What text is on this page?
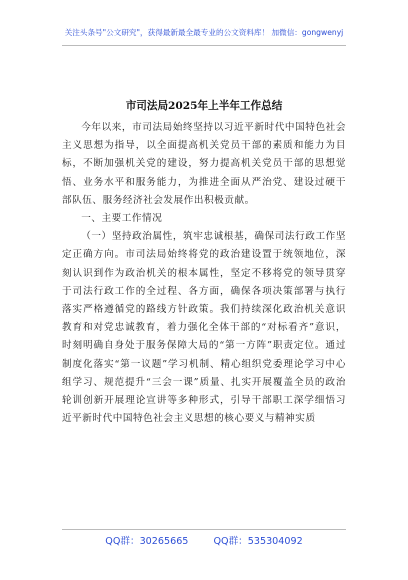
关注头条号"公文研究"，获得最新最全最专业的公文资料库！ 加微信：gongwenyj
市司法局2025年上半年工作总结

今年以来，市司法局始终坚持以习近平新时代中国特色社会主义思想为指导，以全面提高机关党员干部的素质和能力为目标，不断加强机关党的建设，努力提高机关党员干部的思想觉悟、业务水平和服务能力，为推进全面从严治党、建设过硬干部队伍、服务经济社会发展作出积极贡献。

一、主要工作情况

（一）坚持政治属性，筑牢忠诚根基，确保司法行政工作坚定正确方向。市司法局始终将党的政治建设置于统领地位，深刻认识到作为政治机关的根本属性，坚定不移将党的领导贯穿于司法行政工作的全过程、各方面，确保各项决策部署与执行落实严格遵循党的路线方针政策。我们持续深化政治机关意识教育和对党忠诚教育，着力强化全体干部的“对标看齐”意识，时刻明确自身处于服务保障大局的“第一方阵”职责定位。通过制度化落实“第一议题”学习机制、精心组织党委理论学习中心组学习、规范提升“三会一课”质量、扎实开展覆盖全员的政治轮训创新开展理论宣讲等多种形式，引导干部职工深学细悟习近平新时代中国特色社会主义思想的核心要义与精神实质

QQ群：30265665	QQ群：535304092
